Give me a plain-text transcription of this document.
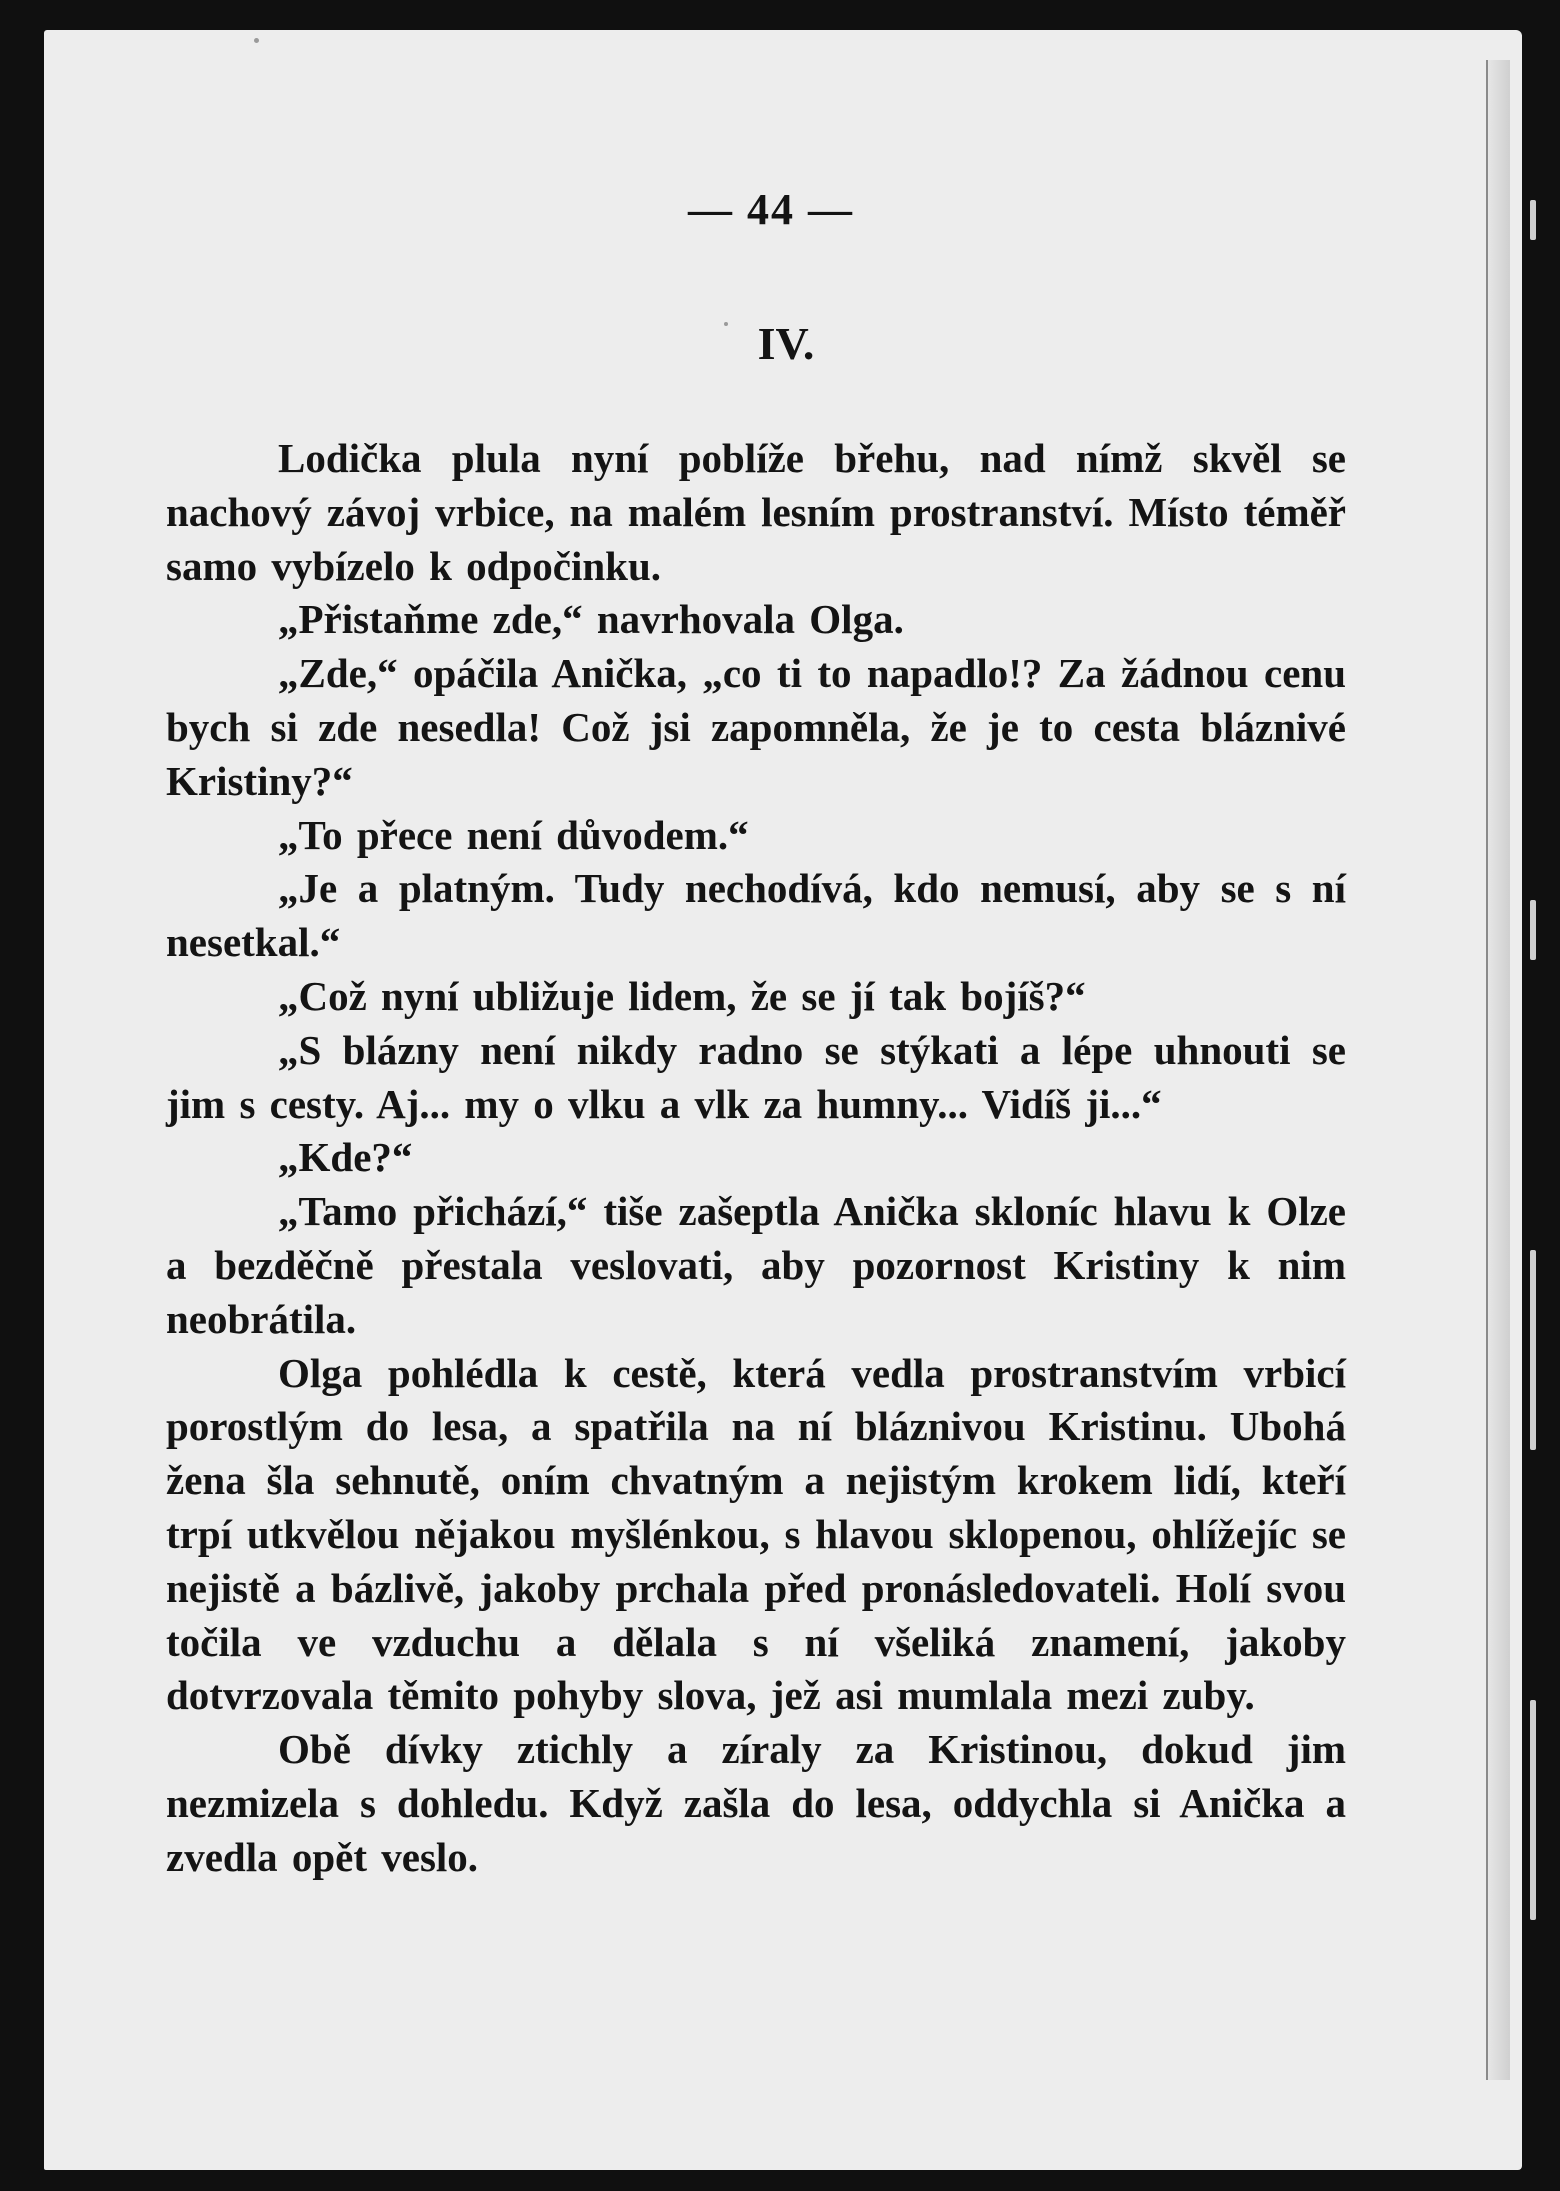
— 44 —
IV.

Lodička plula nyní poblíže břehu, nad nímž skvěl se nachový závoj vrbice, na malém lesním prostranství. Místo téměř samo vybízelo k odpočinku.

„Přistaňme zde,“ navrhovala Olga.

„Zde,“ opáčila Anička, „co ti to napadlo!? Za žádnou cenu bych si zde nesedla! Což jsi zapomněla, že je to cesta bláznivé Kristiny?“

„To přece není důvodem.“

„Je a platným. Tudy nechodívá, kdo nemusí, aby se s ní nesetkal.“

„Což nyní ubližuje lidem, že se jí tak bojíš?“

„S blázny není nikdy radno se stýkati a lépe uhnouti se jim s cesty. Aj... my o vlku a vlk za humny... Vidíš ji...“

„Kde?“

„Tamo přichází,“ tiše zašeptla Anička skloníc hlavu k Olze a bezděčně přestala veslovati, aby pozornost Kristiny k nim neobrátila.

Olga pohlédla k cestě, která vedla prostranstvím vrbicí porostlým do lesa, a spatřila na ní bláznivou Kristinu. Ubohá žena šla sehnutě, oním chvatným a nejistým krokem lidí, kteří trpí utkvělou nějakou myšlénkou, s hlavou sklopenou, ohlížejíc se nejistě a bázlivě, jakoby prchala před pronásledovateli. Holí svou točila ve vzduchu a dělala s ní všeliká znamení, jakoby dotvrzovala těmito pohyby slova, jež asi mumlala mezi zuby.

Obě dívky ztichly a zíraly za Kristinou, dokud jim nezmizela s dohledu. Když zašla do lesa, oddychla si Anička a zvedla opět veslo.
